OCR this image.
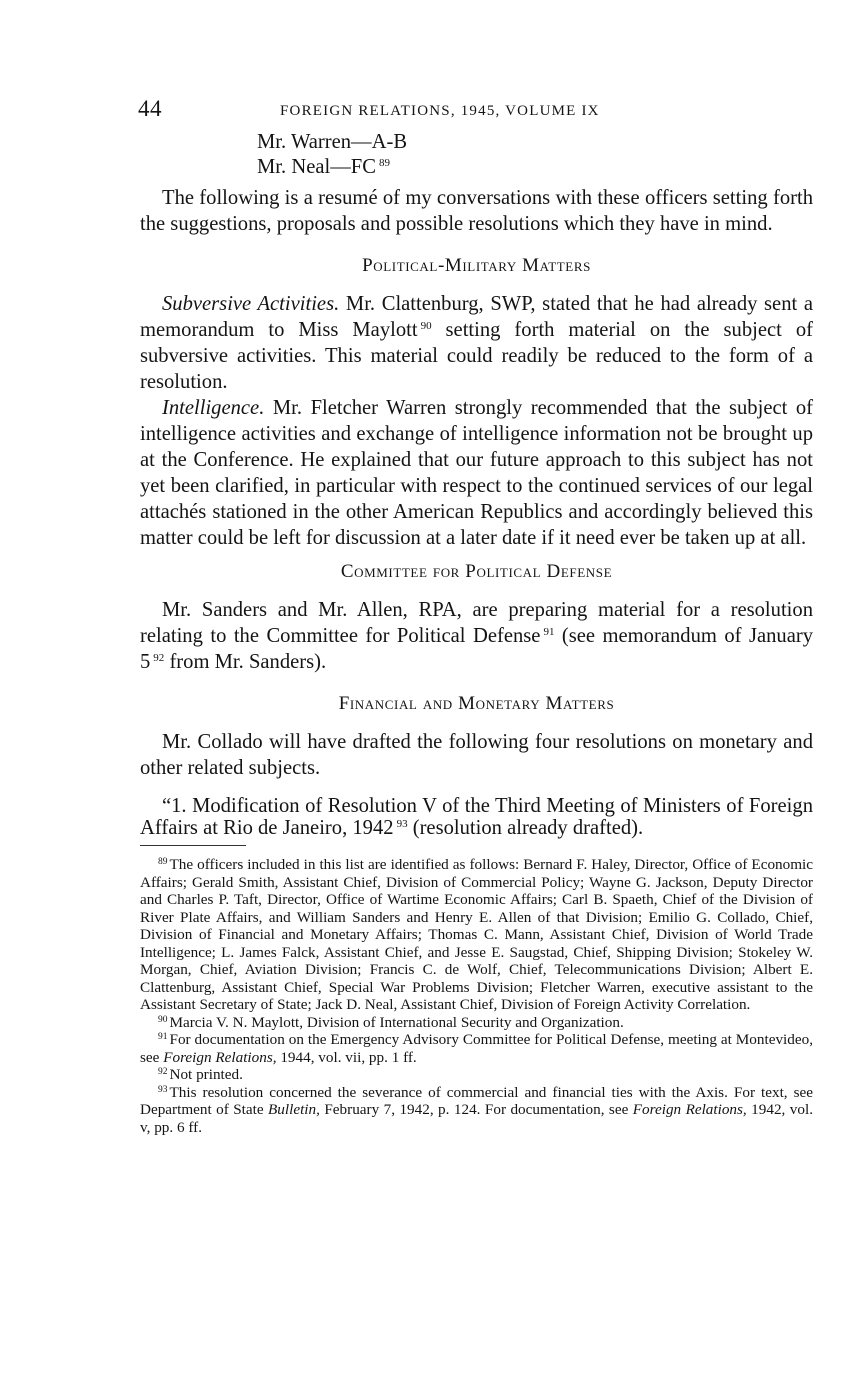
44	FOREIGN RELATIONS, 1945, VOLUME IX
Mr. Warren—A-B
Mr. Neal—FC $^{89}$

The following is a resumé of my conversations with these officers setting forth the suggestions, proposals and possible resolutions which they have in mind.

Political-Military Matters

Subversive Activities. Mr. Clattenburg, SWP, stated that he had already sent a memorandum to Miss Maylott $^{90}$ setting forth material on the subject of subversive activities. This material could readily be reduced to the form of a resolution.

Intelligence. Mr. Fletcher Warren strongly recommended that the subject of intelligence activities and exchange of intelligence information not be brought up at the Conference. He explained that our future approach to this subject has not yet been clarified, in particular with respect to the continued services of our legal attachés stationed in the other American Republics and accordingly believed this matter could be left for discussion at a later date if it need ever be taken up at all.

Committee for Political Defense

Mr. Sanders and Mr. Allen, RPA, are preparing material for a resolution relating to the Committee for Political Defense $^{91}$ (see memorandum of January 5 $^{92}$ from Mr. Sanders).

Financial and Monetary Matters

Mr. Collado will have drafted the following four resolutions on monetary and other related subjects.

“1. Modification of Resolution V of the Third Meeting of Ministers of Foreign Affairs at Rio de Janeiro, 1942 $^{93}$ (resolution already drafted).

$^{89}$ The officers included in this list are identified as follows: Bernard F. Haley, Director, Office of Economic Affairs; Gerald Smith, Assistant Chief, Division of Commercial Policy; Wayne G. Jackson, Deputy Director and Charles P. Taft, Director, Office of Wartime Economic Affairs; Carl B. Spaeth, Chief of the Division of River Plate Affairs, and William Sanders and Henry E. Allen of that Division; Emilio G. Collado, Chief, Division of Financial and Monetary Affairs; Thomas C. Mann, Assistant Chief, Division of World Trade Intelligence; L. James Falck, Assistant Chief, and Jesse E. Saugstad, Chief, Shipping Division; Stokeley W. Morgan, Chief, Aviation Division; Francis C. de Wolf, Chief, Telecommunications Division; Albert E. Clattenburg, Assistant Chief, Special War Problems Division; Fletcher Warren, executive assistant to the Assistant Secretary of State; Jack D. Neal, Assistant Chief, Division of Foreign Activity Correlation.

$^{90}$ Marcia V. N. Maylott, Division of International Security and Organization.

$^{91}$ For documentation on the Emergency Advisory Committee for Political Defense, meeting at Montevideo, see Foreign Relations, 1944, vol. vii, pp. 1 ff.

$^{92}$ Not printed.

$^{93}$ This resolution concerned the severance of commercial and financial ties with the Axis. For text, see Department of State Bulletin, February 7, 1942, p. 124. For documentation, see Foreign Relations, 1942, vol. v, pp. 6 ff.
